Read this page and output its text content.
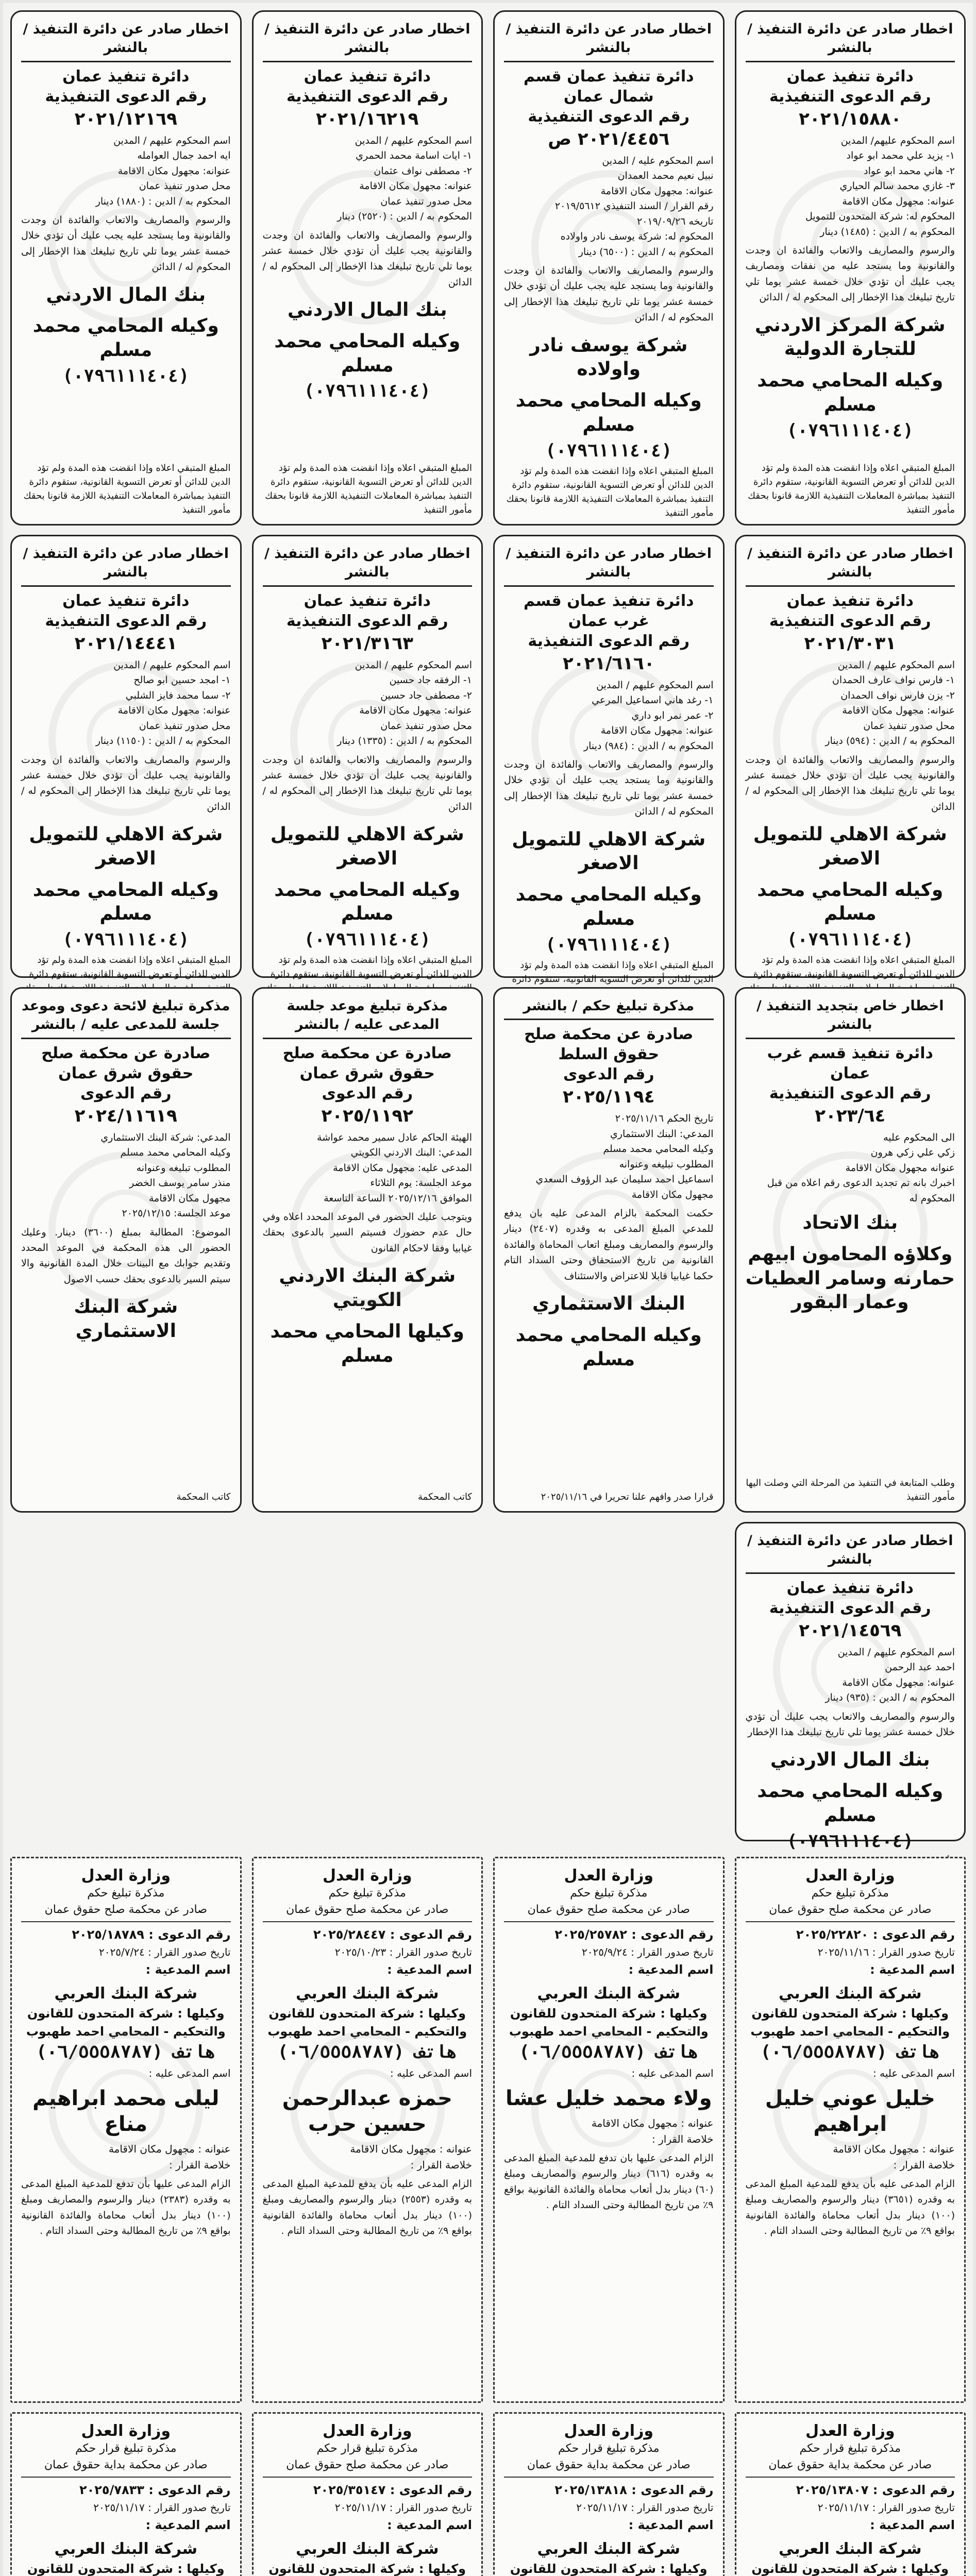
اخطار صادر عن دائرة التنفيذ / بالنشر
دائرة تنفيذ عمان
رقم الدعوى التنفيذية
٢٠٢١/١٥٨٨٠
اسم المحكوم عليهم/ المدين
١- يزيد علي محمد ابو عواد
٢- هاني محمد ابو عواد
٣- غازي محمد سالم الحياري
عنوانه: مجهول مكان الاقامة
المحكوم له: شركة المتحدون للتمويل
المحكوم به / الدين : (١٤٨٥) دينار
والرسوم والمصاريف والاتعاب والفائدة ان وجدت والقانونية وما يستجد عليه من نفقات ومصاريف يجب عليك أن تؤدي خلال خمسة عشر يوما تلي تاريخ تبليغك هذا الإخطار إلى المحكوم له / الدائن
شركة المركز الاردني للتجارة الدولية
وكيله المحامي محمد مسلم
(٠٧٩٦١١١٤٠٤)
المبلغ المتبقي اعلاه وإذا انقضت هذه المدة ولم تؤد الدين للدائن أو تعرض التسوية القانونية، ستقوم دائرة التنفيذ بمباشرة المعاملات التنفيذية اللازمة قانونا بحقك مأمور التنفيذ
اخطار صادر عن دائرة التنفيذ / بالنشر
دائرة تنفيذ عمان قسم شمال عمان
رقم الدعوى التنفيذية
٢٠٢١/٤٤٥٦ ص
اسم المحكوم عليه / المدين
نبيل نعيم محمد العمدان
عنوانه: مجهول مكان الاقامة
رقم القرار / السند التنفيذي ٢٠١٩/٥٦١٢
تاريخه ٢٠١٩/٠٩/٢٦
المحكوم له: شركة يوسف نادر واولاده
المحكوم به / الدين : (٦٥٠٠) دينار
والرسوم والمصاريف والاتعاب والفائدة ان وجدت والقانونية وما يستجد عليه يجب عليك أن تؤدي خلال خمسة عشر يوما تلي تاريخ تبليغك هذا الإخطار إلى المحكوم له / الدائن
شركة يوسف نادر واولاده
وكيله المحامي محمد مسلم
(٠٧٩٦١١١٤٠٤)
المبلغ المتبقي اعلاه وإذا انقضت هذه المدة ولم تؤد الدين للدائن أو تعرض التسوية القانونية، ستقوم دائرة التنفيذ بمباشرة المعاملات التنفيذية اللازمة قانونا بحقك مأمور التنفيذ
اخطار صادر عن دائرة التنفيذ / بالنشر
دائرة تنفيذ عمان
رقم الدعوى التنفيذية
٢٠٢١/١٦٢١٩
اسم المحكوم عليهم / المدين
١- ايات اسامة محمد الحمري
٢- مصطفى نواف عثمان
عنوانه: مجهول مكان الاقامة
محل صدور تنفيذ عمان
المحكوم به / الدين : (٢٥٢٠) دينار
والرسوم والمصاريف والاتعاب والفائدة ان وجدت والقانونية يجب عليك أن تؤدي خلال خمسة عشر يوما تلي تاريخ تبليغك هذا الإخطار إلى المحكوم له / الدائن
بنك المال الاردني
وكيله المحامي محمد مسلم
(٠٧٩٦١١١٤٠٤)
المبلغ المتبقي اعلاه وإذا انقضت هذه المدة ولم تؤد الدين للدائن أو تعرض التسوية القانونية، ستقوم دائرة التنفيذ بمباشرة المعاملات التنفيذية اللازمة قانونا بحقك مأمور التنفيذ
اخطار صادر عن دائرة التنفيذ / بالنشر
دائرة تنفيذ عمان
رقم الدعوى التنفيذية
٢٠٢١/١٢١٦٩
اسم المحكوم عليهم / المدين
ايه احمد جمال العوامله
عنوانه: مجهول مكان الاقامة
محل صدور تنفيذ عمان
المحكوم به / الدين : (١٨٨٠) دينار
والرسوم والمصاريف والاتعاب والفائدة ان وجدت والقانونية وما يستجد عليه يجب عليك أن تؤدي خلال خمسة عشر يوما تلي تاريخ تبليغك هذا الإخطار إلى المحكوم له / الدائن
بنك المال الاردني
وكيله المحامي محمد مسلم
(٠٧٩٦١١١٤٠٤)
المبلغ المتبقي اعلاه وإذا انقضت هذه المدة ولم تؤد الدين للدائن أو تعرض التسوية القانونية، ستقوم دائرة التنفيذ بمباشرة المعاملات التنفيذية اللازمة قانونا بحقك مأمور التنفيذ
اخطار صادر عن دائرة التنفيذ / بالنشر
دائرة تنفيذ عمان
رقم الدعوى التنفيذية
٢٠٢١/٣٠٣١
اسم المحكوم عليهم / المدين
١- فارس نواف عارف الحمدان
٢- يزن فارس نواف الحمدان
عنوانه: مجهول مكان الاقامة
محل صدور تنفيذ عمان
المحكوم به / الدين : (٥٩٤) دينار
والرسوم والمصاريف والاتعاب والفائدة ان وجدت والقانونية يجب عليك أن تؤدي خلال خمسة عشر يوما تلي تاريخ تبليغك هذا الإخطار إلى المحكوم له / الدائن
شركة الاهلي للتمويل الاصغر
وكيله المحامي محمد مسلم
(٠٧٩٦١١١٤٠٤)
المبلغ المتبقي اعلاه وإذا انقضت هذه المدة ولم تؤد الدين للدائن أو تعرض التسوية القانونية، ستقوم دائرة
اخطار صادر عن دائرة التنفيذ / بالنشر
دائرة تنفيذ عمان قسم غرب عمان
رقم الدعوى التنفيذية
٢٠٢١/٦١٦٠
اسم المحكوم عليهم / المدين
١- رغد هاني اسماعيل المرعي
٢- عمر نمر ابو داري
عنوانه: مجهول مكان الاقامة
المحكوم به / الدين : (٩٨٤) دينار
والرسوم والمصاريف والاتعاب والفائدة ان وجدت والقانونية وما يستجد يجب عليك أن تؤدي خلال خمسة عشر يوما تلي تاريخ تبليغك هذا الإخطار إلى المحكوم له / الدائن
شركة الاهلي للتمويل الاصغر
وكيله المحامي محمد مسلم
(٠٧٩٦١١١٤٠٤)
المبلغ المتبقي اعلاه وإذا انقضت هذه المدة ولم تؤد الدين للدائن أو تعرض التسوية القانونية، ستقوم دائرة
اخطار صادر عن دائرة التنفيذ / بالنشر
دائرة تنفيذ عمان
رقم الدعوى التنفيذية
٢٠٢١/٣١٦٣
اسم المحكوم عليهم / المدين
١- الرفقه جاد حسين
٢- مصطفى جاد حسين
عنوانه: مجهول مكان الاقامة
محل صدور تنفيذ عمان
المحكوم به / الدين : (١٣٣٥) دينار
والرسوم والمصاريف والاتعاب والفائدة ان وجدت والقانونية يجب عليك أن تؤدي خلال خمسة عشر يوما تلي تاريخ تبليغك هذا الإخطار إلى المحكوم له / الدائن
شركة الاهلي للتمويل الاصغر
وكيله المحامي محمد مسلم
(٠٧٩٦١١١٤٠٤)
المبلغ المتبقي اعلاه وإذا انقضت هذه المدة ولم تؤد الدين للدائن أو تعرض التسوية القانونية، ستقوم دائرة
اخطار صادر عن دائرة التنفيذ / بالنشر
دائرة تنفيذ عمان
رقم الدعوى التنفيذية
٢٠٢١/١٤٤٤١
اسم المحكوم عليهم / المدين
١- امجد حسين ابو صالح
٢- سما محمد فايز الشلبي
عنوانه: مجهول مكان الاقامة
محل صدور تنفيذ عمان
المحكوم به / الدين : (١١٥٠) دينار
والرسوم والمصاريف والاتعاب والفائدة ان وجدت والقانونية يجب عليك أن تؤدي خلال خمسة عشر يوما تلي تاريخ تبليغك هذا الإخطار إلى المحكوم له / الدائن
شركة الاهلي للتمويل الاصغر
وكيله المحامي محمد مسلم
(٠٧٩٦١١١٤٠٤)
المبلغ المتبقي اعلاه وإذا انقضت هذه المدة ولم تؤد الدين للدائن أو تعرض التسوية القانونية، ستقوم دائرة
اخطار خاص بتجديد التنفيذ / بالنشر
دائرة تنفيذ قسم غرب عمان
رقم الدعوى التنفيذية
٢٠٢٣/٦٤
الى المحكوم عليه
زكي علي زكي هرون
عنوانه مجهول مكان الاقامة
اخبرك بانه تم تجديد الدعوى رقم اعلاه من قبل المحكوم له
بنك الاتحاد
وكلاؤه المحامون ابيهم حمارنه وسامر العطيات وعمار البقور
وطلب المتابعة في التنفيذ من المرحلة التي وصلت اليها مأمور التنفيذ
مذكرة تبليغ حكم / بالنشر
صادرة عن محكمة صلح حقوق السلط
رقم الدعوى
٢٠٢٥/١١٩٤
تاريخ الحكم ٢٠٢٥/١١/١٦
المدعي: البنك الاستثماري
وكيله المحامي محمد مسلم
المطلوب تبليغه وعنوانه
اسماعيل احمد سليمان عبد الرؤوف السعدي
مجهول مكان الاقامة
حكمت المحكمة بالزام المدعى عليه بان يدفع للمدعي المبلغ المدعى به وقدره (٢٤٠٧) دينار والرسوم والمصاريف ومبلغ اتعاب المحاماة والفائدة القانونية من تاريخ الاستحقاق وحتى السداد التام حكما غيابيا قابلا للاعتراض والاستئناف
البنك الاستثماري
وكيله المحامي محمد مسلم
قرارا صدر وافهم علنا تحريرا في ٢٠٢٥/١١/١٦
مذكرة تبليغ موعد جلسة المدعى عليه / بالنشر
صادرة عن محكمة صلح حقوق شرق عمان
رقم الدعوى
٢٠٢٥/١١٩٢
الهيئة الحاكم عادل سمير محمد عواشة
المدعي: البنك الاردني الكويتي
المدعى عليه: مجهول مكان الاقامة
موعد الجلسة: يوم الثلاثاء
الموافق ٢٠٢٥/١٢/١٦ الساعة التاسعة
ويتوجب عليك الحضور في الموعد المحدد اعلاه وفي حال عدم حضورك فسيتم السير بالدعوى بحقك غيابيا وفقا لاحكام القانون
شركة البنك الاردني الكويتي
وكيلها المحامي محمد مسلم
كاتب المحكمة
مذكرة تبليغ لائحة دعوى وموعد جلسة للمدعى عليه / بالنشر
صادرة عن محكمة صلح حقوق شرق عمان
رقم الدعوى
٢٠٢٤/١١٦١٩
المدعي: شركة البنك الاستثماري
وكيله المحامي محمد مسلم
المطلوب تبليغه وعنوانه
منذر سامر يوسف الخضر
مجهول مكان الاقامة
موعد الجلسة: ٢٠٢٥/١٢/١٥
الموضوع: المطالبة بمبلغ (٣٦٠٠) دينار. وعليك الحضور الى هذه المحكمة في الموعد المحدد وتقديم جوابك مع البينات خلال المدة القانونية والا سيتم السير بالدعوى بحقك حسب الاصول
شركة البنك الاستثماري
كاتب المحكمة
اخطار صادر عن دائرة التنفيذ / بالنشر
دائرة تنفيذ عمان
رقم الدعوى التنفيذية
٢٠٢١/١٤٥٦٩
اسم المحكوم عليهم / المدين
احمد عبد الرحمن
عنوانه: مجهول مكان الاقامة
المحكوم به / الدين : (٩٣٥) دينار
والرسوم والمصاريف والاتعاب يجب عليك أن تؤدي خلال خمسة عشر يوما تلي تاريخ تبليغك هذا الإخطار
بنك المال الاردني
وكيله المحامي محمد مسلم
(٠٧٩٦١١١٤٠٤)
وزارة العدل
مذكرة تبليغ حكم
صادر عن محكمة صلح حقوق عمان
رقم الدعوى : ٢٠٢٥/٢٢٨٢٠
تاريخ صدور القرار : ٢٠٢٥/١١/١٦
اسم المدعية :
شركة البنك العربي
وكيلها : شركة المتحدون للقانون والتحكيم - المحامي احمد طهبوب
هاتف (٠٦/٥٥٥٨٧٨٧)
اسم المدعى عليه :
خليل عوني خليل ابراهيم
عنوانه : مجهول مكان الاقامة
خلاصة القرار :
الزام المدعى عليه بأن يدفع للمدعية المبلغ المدعى به وقدره (٣٦٥١) دينار والرسوم والمصاريف ومبلغ (١٠٠) دينار بدل أتعاب محاماة والفائدة القانونية بواقع ٩٪ من تاريخ المطالبة وحتى السداد التام .
وزارة العدل
مذكرة تبليغ حكم
صادر عن محكمة صلح حقوق عمان
رقم الدعوى : ٢٠٢٥/٢٥٧٨٢
تاريخ صدور القرار : ٢٠٢٥/٩/٢٤
اسم المدعية :
شركة البنك العربي
وكيلها : شركة المتحدون للقانون والتحكيم - المحامي احمد طهبوب
هاتف (٠٦/٥٥٥٨٧٨٧)
اسم المدعى عليه :
ولاء محمد خليل عشا
عنوانه : مجهول مكان الاقامة
خلاصة القرار :
الزام المدعى عليها بان تدفع للمدعية المبلغ المدعى به وقدره (٦١٦) دينار والرسوم والمصاريف ومبلغ (٦٠) دينار بدل أتعاب محاماة والفائدة القانونية بواقع ٩٪ من تاريخ المطالبة وحتى السداد التام .
وزارة العدل
مذكرة تبليغ حكم
صادر عن محكمة صلح حقوق عمان
رقم الدعوى : ٢٠٢٥/٢٨٤٤٧
تاريخ صدور القرار : ٢٠٢٥/١٠/٢٣
اسم المدعية :
شركة البنك العربي
وكيلها : شركة المتحدون للقانون والتحكيم - المحامي احمد طهبوب
هاتف (٠٦/٥٥٥٨٧٨٧)
اسم المدعى عليه :
حمزه عبدالرحمن حسين حرب
عنوانه : مجهول مكان الاقامة
خلاصة القرار :
الزام المدعى عليه بأن يدفع للمدعية المبلغ المدعى به وقدره (٢٥٥٣) دينار والرسوم والمصاريف ومبلغ (١٠٠) دينار بدل أتعاب محاماة والفائدة القانونية بواقع ٩٪ من تاريخ المطالبة وحتى السداد التام .
وزارة العدل
مذكرة تبليغ حكم
صادر عن محكمة صلح حقوق عمان
رقم الدعوى : ٢٠٢٥/١٨٧٨٩
تاريخ صدور القرار : ٢٠٢٥/٧/٢٤
اسم المدعية :
شركة البنك العربي
وكيلها : شركة المتحدون للقانون والتحكيم - المحامي احمد طهبوب
هاتف (٠٦/٥٥٥٨٧٨٧)
اسم المدعى عليه :
ليلى محمد ابراهيم مناع
عنوانه : مجهول مكان الاقامة
خلاصة القرار :
الزام المدعى عليها بأن تدفع للمدعية المبلغ المدعى به وقدره (٢٣٨٣) دينار والرسوم والمصاريف ومبلغ (١٠٠) دينار بدل أتعاب محاماة والفائدة القانونية بواقع ٩٪ من تاريخ المطالبة وحتى السداد التام .
وزارة العدل
مذكرة تبليغ قرار حكم
صادر عن محكمة بداية حقوق عمان
رقم الدعوى : ٢٠٢٥/١٣٨٠٧
تاريخ صدور القرار : ٢٠٢٥/١١/١٧
اسم المدعية :
شركة البنك العربي
وكيلها : شركة المتحدون للقانون
وزارة العدل
مذكرة تبليغ قرار حكم
صادر عن محكمة بداية حقوق عمان
رقم الدعوى : ٢٠٢٥/١٣٨١٨
تاريخ صدور القرار : ٢٠٢٥/١١/١٧
اسم المدعية :
شركة البنك العربي
وكيلها : شركة المتحدون للقانون
وزارة العدل
مذكرة تبليغ قرار حكم
صادر عن محكمة صلح حقوق عمان
رقم الدعوى : ٢٠٢٥/٣٥١٤٧
تاريخ صدور القرار : ٢٠٢٥/١١/١٧
اسم المدعية :
شركة البنك العربي
وكيلها : شركة المتحدون للقانون
وزارة العدل
مذكرة تبليغ قرار حكم
صادر عن محكمة بداية حقوق عمان
رقم الدعوى : ٢٠٢٥/٧٨٣٣
تاريخ صدور القرار : ٢٠٢٥/١١/١٧
اسم المدعية :
شركة البنك العربي
وكيلها : شركة المتحدون للقانون
